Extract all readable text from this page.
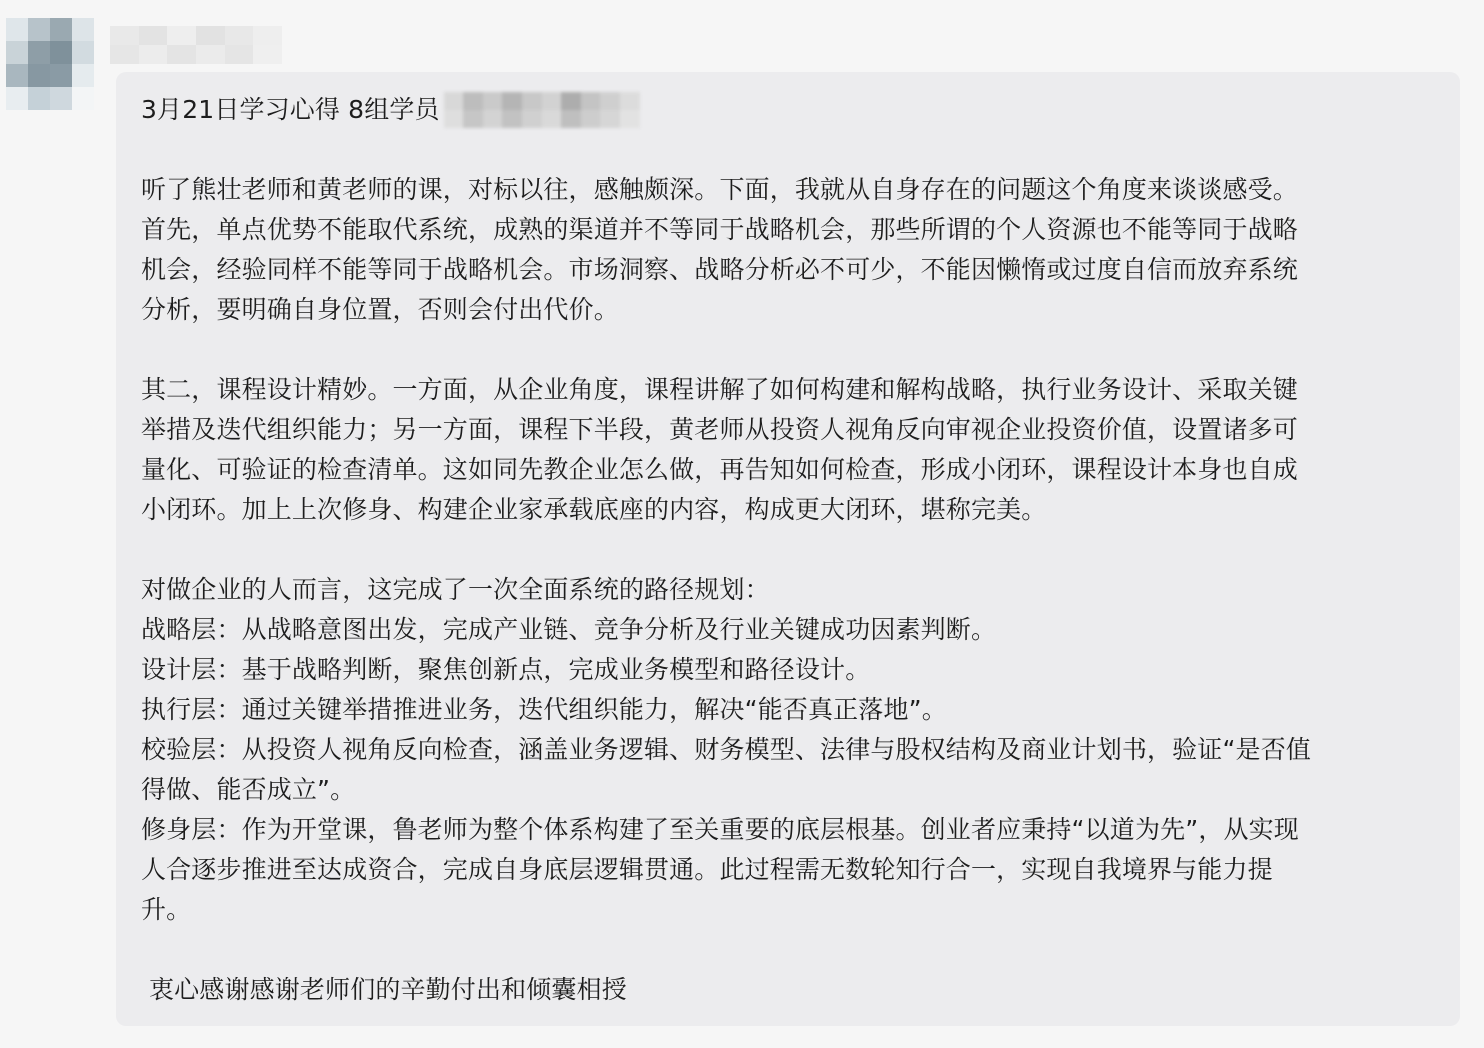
3月21日学习心得 8组学员
听了熊壮老师和黄老师的课，对标以往，感触颇深。下面，我就从自身存在的问题这个角度来谈谈感受。
首先，单点优势不能取代系统，成熟的渠道并不等同于战略机会，那些所谓的个人资源也不能等同于战略
机会，经验同样不能等同于战略机会。市场洞察、战略分析必不可少，不能因懒惰或过度自信而放弃系统
分析，要明确自身位置，否则会付出代价。
其二，课程设计精妙。一方面，从企业角度，课程讲解了如何构建和解构战略，执行业务设计、采取关键
举措及迭代组织能力；另一方面，课程下半段，黄老师从投资人视角反向审视企业投资价值，设置诸多可
量化、可验证的检查清单。这如同先教企业怎么做，再告知如何检查，形成小闭环，课程设计本身也自成
小闭环。加上上次修身、构建企业家承载底座的内容，构成更大闭环，堪称完美。
对做企业的人而言，这完成了一次全面系统的路径规划：
战略层：从战略意图出发，完成产业链、竞争分析及行业关键成功因素判断。
设计层：基于战略判断，聚焦创新点，完成业务模型和路径设计。
执行层：通过关键举措推进业务，迭代组织能力，解决“能否真正落地”。
校验层：从投资人视角反向检查，涵盖业务逻辑、财务模型、法律与股权结构及商业计划书，验证“是否值
得做、能否成立”。
修身层：作为开堂课，鲁老师为整个体系构建了至关重要的底层根基。创业者应秉持“以道为先”，从实现
人合逐步推进至达成资合，完成自身底层逻辑贯通。此过程需无数轮知行合一，实现自我境界与能力提
升。
衷心感谢感谢老师们的辛勤付出和倾囊相授
